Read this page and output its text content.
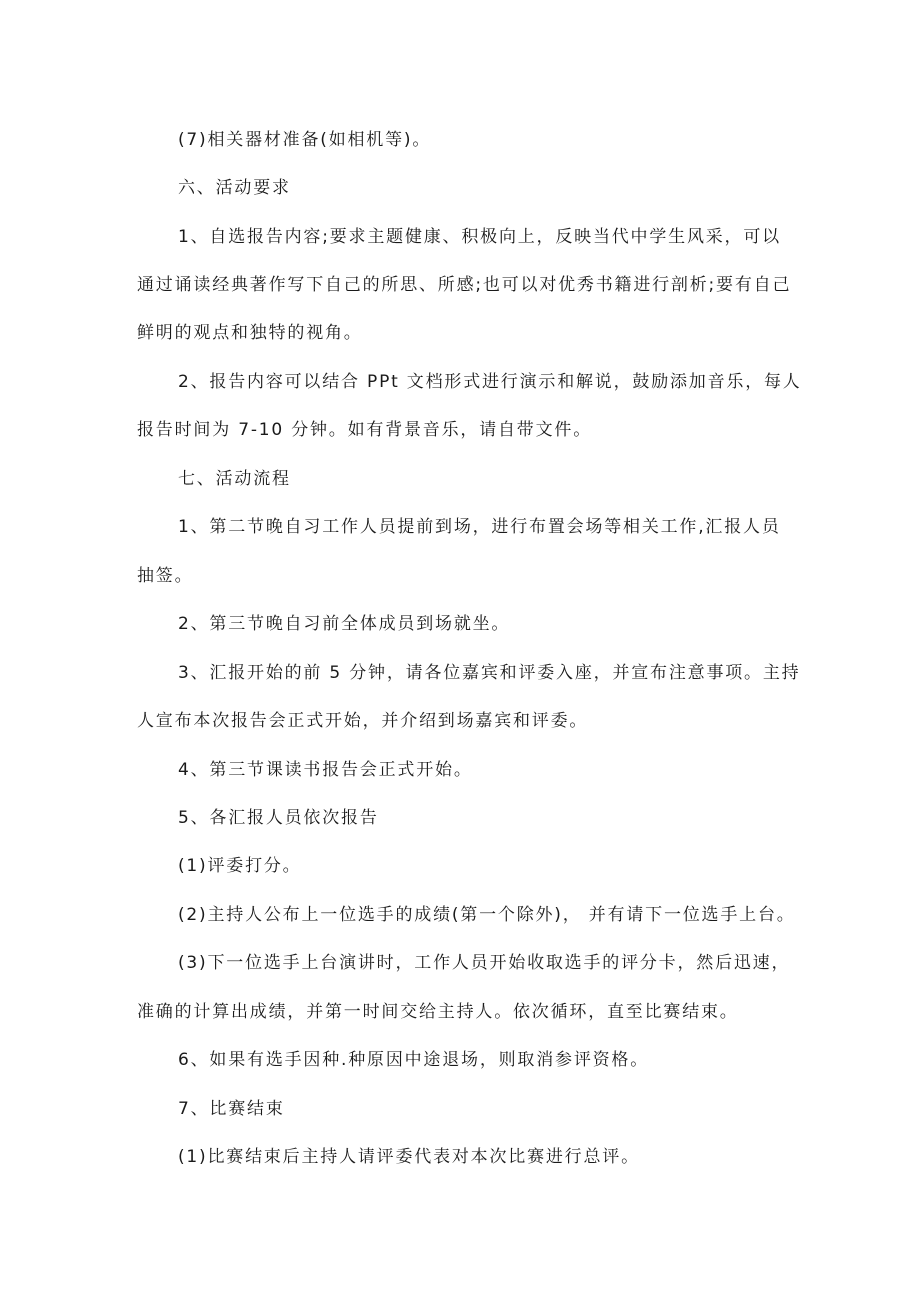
(7)相关器材准备(如相机等)。
六、活动要求
1、自选报告内容;要求主题健康、积极向上，反映当代中学生风采，可以
通过诵读经典著作写下自己的所思、所感;也可以对优秀书籍进行剖析;要有自己
鲜明的观点和独特的视角。
2、报告内容可以结合 PPt 文档形式进行演示和解说，鼓励添加音乐，每人
报告时间为 7-10 分钟。如有背景音乐，请自带文件。
七、活动流程
1、第二节晚自习工作人员提前到场，进行布置会场等相关工作,汇报人员
抽签。
2、第三节晚自习前全体成员到场就坐。
3、汇报开始的前 5 分钟，请各位嘉宾和评委入座，并宣布注意事项。主持
人宣布本次报告会正式开始，并介绍到场嘉宾和评委。
4、第三节课读书报告会正式开始。
5、各汇报人员依次报告
(1)评委打分。
(2)主持人公布上一位选手的成绩(第一个除外)， 并有请下一位选手上台。
(3)下一位选手上台演讲时，工作人员开始收取选手的评分卡，然后迅速，
准确的计算出成绩，并第一时间交给主持人。依次循环，直至比赛结束。
6、如果有选手因种.种原因中途退场，则取消参评资格。
7、比赛结束
(1)比赛结束后主持人请评委代表对本次比赛进行总评。
